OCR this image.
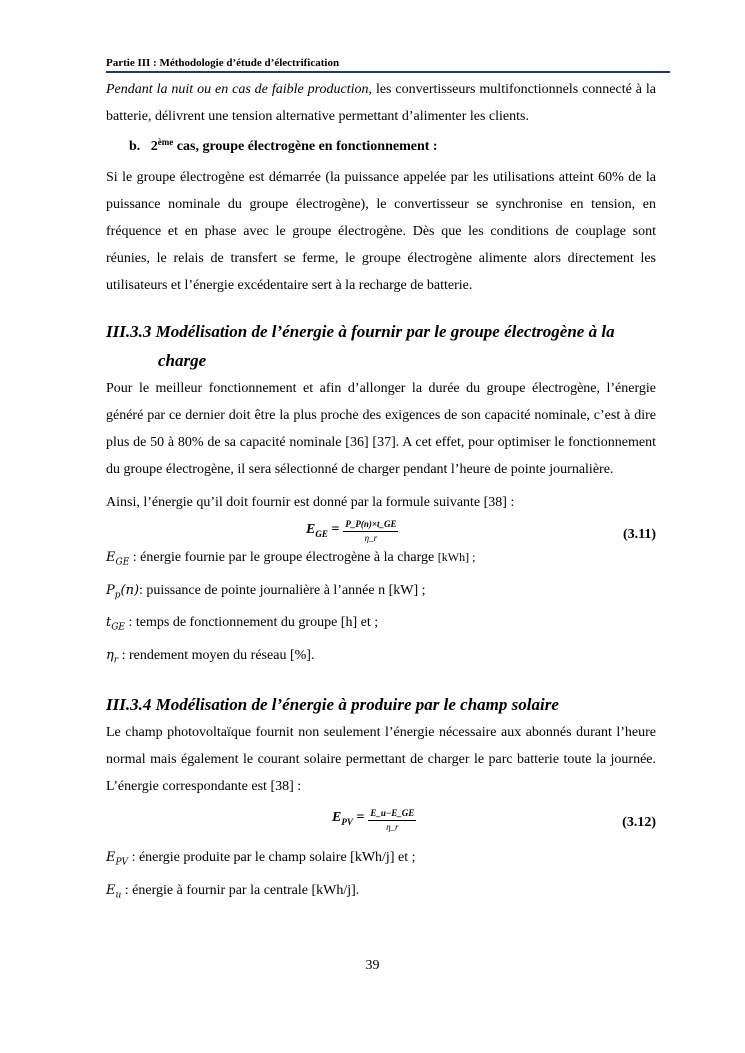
Partie III : Méthodologie d’étude d’électrification

Pendant la nuit ou en cas de faible production, les convertisseurs multifonctionnels connecté à la batterie, délivrent une tension alternative permettant d’alimenter les clients.

b. 2ème cas, groupe électrogène en fonctionnement :

Si le groupe électrogène est démarrée (la puissance appelée par les utilisations atteint 60% de la puissance nominale du groupe électrogène), le convertisseur se synchronise en tension, en fréquence et en phase avec le groupe électrogène. Dès que les conditions de couplage sont réunies, le relais de transfert se ferme, le groupe électrogène alimente alors directement les utilisateurs et l’énergie excédentaire sert à la recharge de batterie.

III.3.3 Modélisation de l’énergie à fournir par le groupe électrogène à la
charge

Pour le meilleur fonctionnement et afin d’allonger la durée du groupe électrogène, l’énergie généré par ce dernier doit être la plus proche des exigences de son capacité nominale, c’est à dire plus de 50 à 80% de sa capacité nominale [36] [37]. A cet effet, pour optimiser le fonctionnement du groupe électrogène, il sera sélectionné de charger pendant l’heure de pointe journalière.

Ainsi, l’énergie qu’il doit fournir est donné par la formule suivante [38] :

$E_{GE} = \frac{P\_P(n)\times t\_GE}{\eta\_r}$	(3.11)

$E_{GE}$ : énergie fournie par le groupe électrogène à la charge [kWh] ;

$P_p(n)$: puissance de pointe journalière à l’année n [kW] ;

$t_{GE}$ : temps de fonctionnement du groupe [h] et ;

$\eta_r$ : rendement moyen du réseau [%].

III.3.4 Modélisation de l’énergie à produire par le champ solaire

Le champ photovoltaïque fournit non seulement l’énergie nécessaire aux abonnés durant l’heure normal mais également le courant solaire permettant de charger le parc batterie toute la journée. L’énergie correspondante est [38] :

$E_{PV} = \frac{E\_u-E\_GE}{\eta\_r}$	(3.12)

$E_{PV}$ : énergie produite par le champ solaire [kWh/j] et ;

$E_u$ : énergie à fournir par la centrale [kWh/j].

39
